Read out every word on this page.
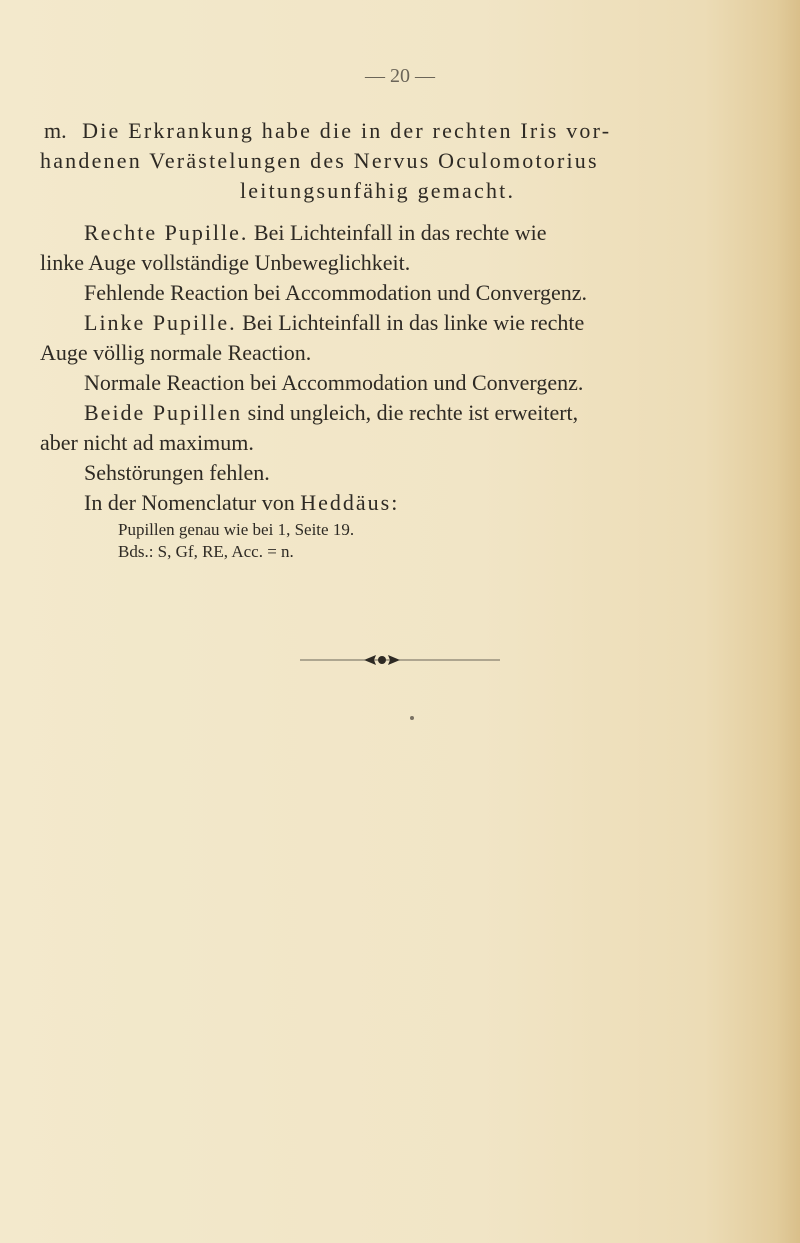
— 20 —
m. Die Erkrankung habe die in der rechten Iris vor-
handenen Verästelungen des Nervus Oculomotorius
leitungsunfähig gemacht.
Rechte Pupille. Bei Lichteinfall in das rechte wie
linke Auge vollständige Unbeweglichkeit.
Fehlende Reaction bei Accommodation und Convergenz.
Linke Pupille. Bei Lichteinfall in das linke wie rechte
Auge völlig normale Reaction.
Normale Reaction bei Accommodation und Convergenz.
Beide Pupillen sind ungleich, die rechte ist erweitert,
aber nicht ad maximum.
Sehstörungen fehlen.
In der Nomenclatur von Heddäus:
Pupillen genau wie bei 1, Seite 19.
Bds.: S, Gf, RE, Acc. = n.
